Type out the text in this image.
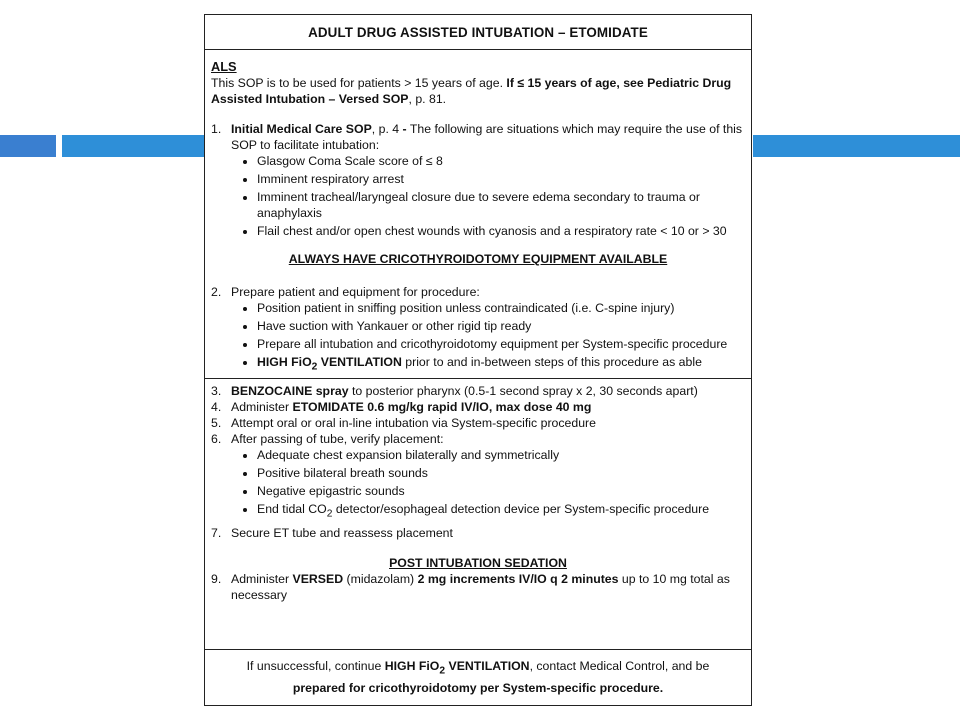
ADULT DRUG ASSISTED INTUBATION – ETOMIDATE
ALS
This SOP is to be used for patients > 15 years of age. If ≤ 15 years of age, see Pediatric Drug Assisted Intubation – Versed SOP, p. 81.
1. Initial Medical Care SOP, p. 4 - The following are situations which may require the use of this SOP to facilitate intubation:
• Glasgow Coma Scale score of ≤ 8
• Imminent respiratory arrest
• Imminent tracheal/laryngeal closure due to severe edema secondary to trauma or anaphylaxis
• Flail chest and/or open chest wounds with cyanosis and a respiratory rate < 10 or > 30
ALWAYS HAVE CRICOTHYROIDOTOMY EQUIPMENT AVAILABLE
2. Prepare patient and equipment for procedure:
• Position patient in sniffing position unless contraindicated (i.e. C-spine injury)
• Have suction with Yankauer or other rigid tip ready
• Prepare all intubation and cricothyroidotomy equipment per System-specific procedure
• HIGH FiO$_2$ VENTILATION prior to and in-between steps of this procedure as able
3. BENZOCAINE spray to posterior pharynx (0.5-1 second spray x 2, 30 seconds apart)
4. Administer ETOMIDATE 0.6 mg/kg rapid IV/IO, max dose 40 mg
5. Attempt oral or oral in-line intubation via System-specific procedure
6. After passing of tube, verify placement:
• Adequate chest expansion bilaterally and symmetrically
• Positive bilateral breath sounds
• Negative epigastric sounds
• End tidal $CO_2$ detector/esophageal detection device per System-specific procedure
7. Secure ET tube and reassess placement
POST INTUBATION SEDATION
9. Administer VERSED (midazolam) 2 mg increments IV/IO q 2 minutes up to 10 mg total as necessary
If unsuccessful, continue HIGH FiO$_2$ VENTILATION, contact Medical Control, and be prepared for cricothyroidotomy per System-specific procedure.
